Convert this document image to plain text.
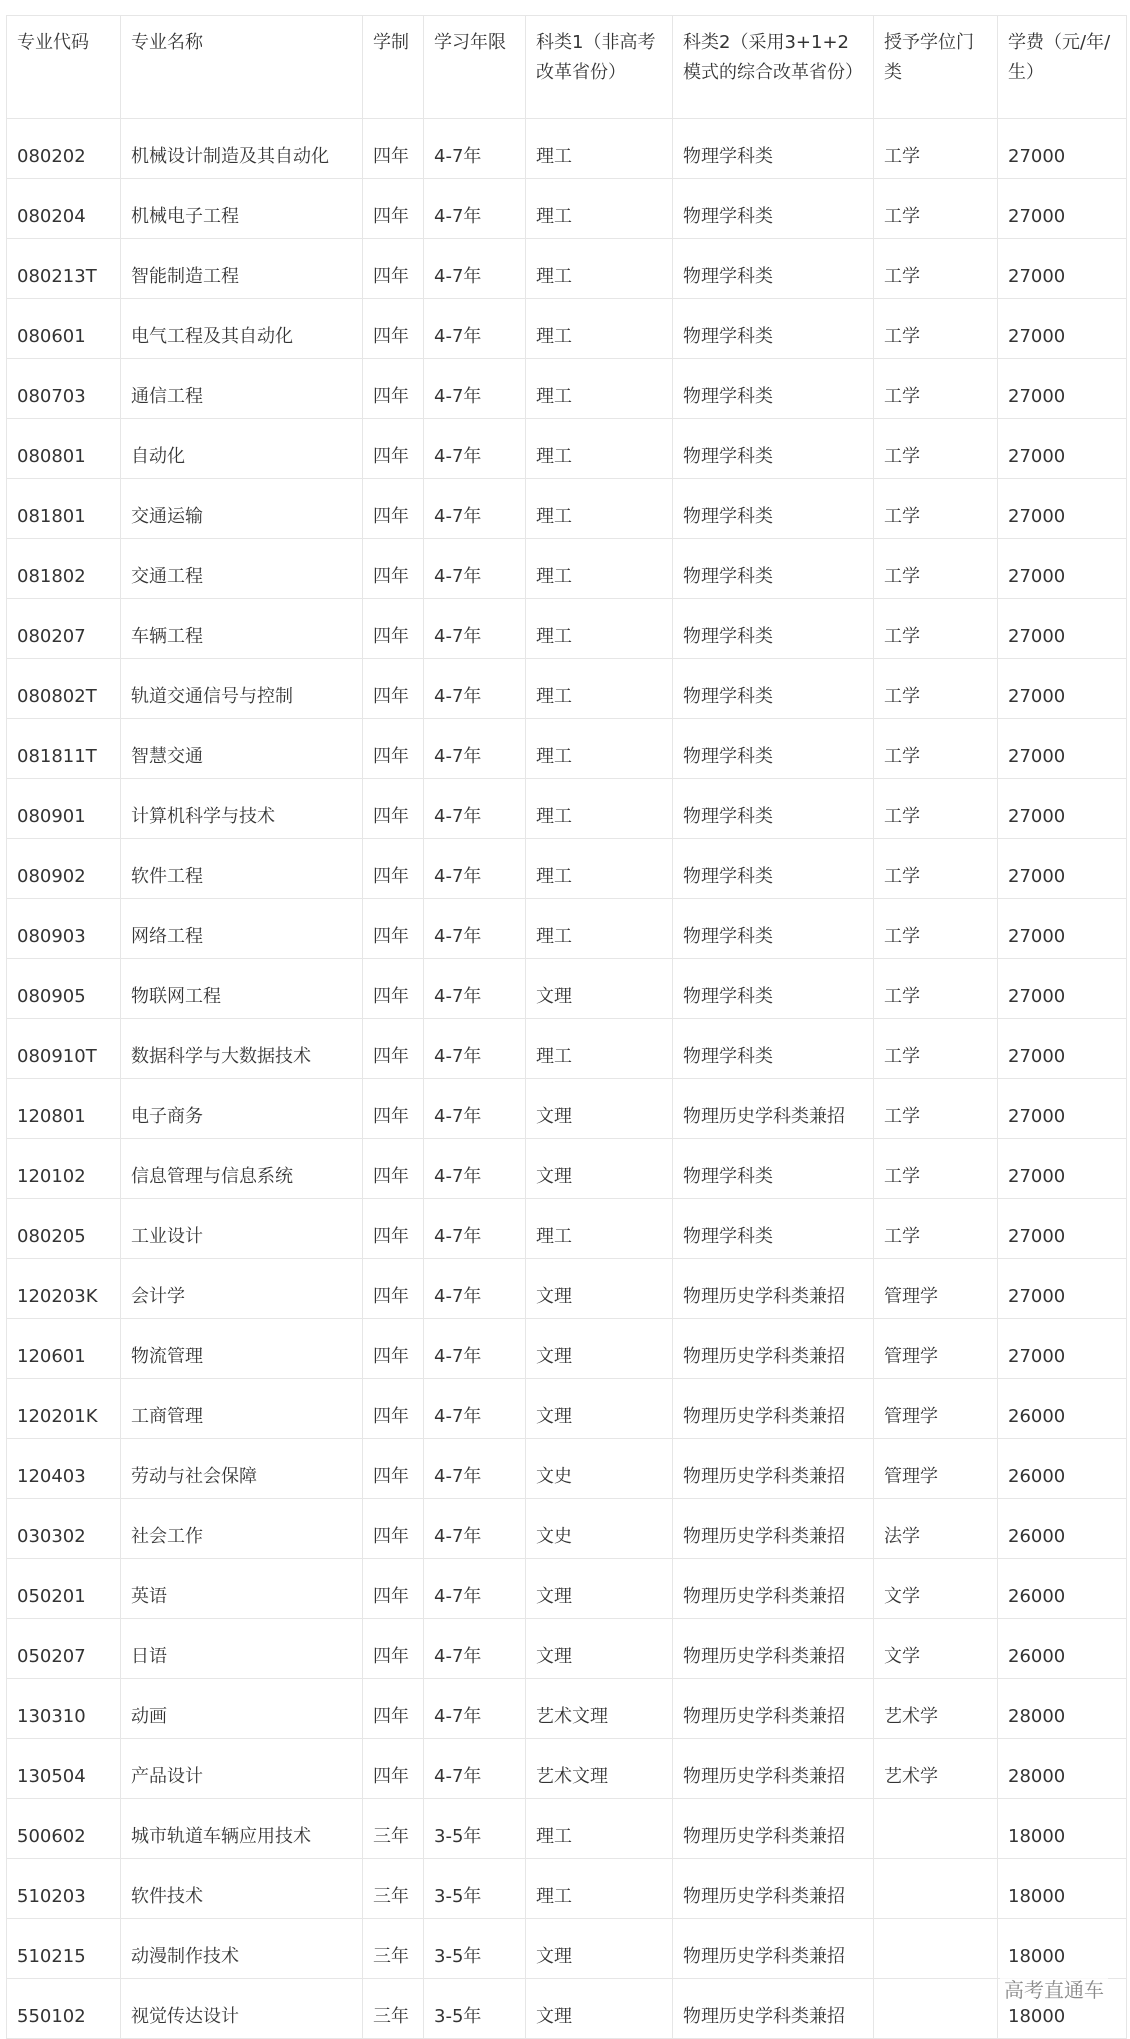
专业代码	专业名称	学制	学习年限	科类1（非高考改革省份）	科类2（采用3+1+2模式的综合改革省份）	授予学位门类	学费（元/年/生）
080202	机械设计制造及其自动化	四年	4-7年	理工	物理学科类	工学	27000
080204	机械电子工程	四年	4-7年	理工	物理学科类	工学	27000
080213T	智能制造工程	四年	4-7年	理工	物理学科类	工学	27000
080601	电气工程及其自动化	四年	4-7年	理工	物理学科类	工学	27000
080703	通信工程	四年	4-7年	理工	物理学科类	工学	27000
080801	自动化	四年	4-7年	理工	物理学科类	工学	27000
081801	交通运输	四年	4-7年	理工	物理学科类	工学	27000
081802	交通工程	四年	4-7年	理工	物理学科类	工学	27000
080207	车辆工程	四年	4-7年	理工	物理学科类	工学	27000
080802T	轨道交通信号与控制	四年	4-7年	理工	物理学科类	工学	27000
081811T	智慧交通	四年	4-7年	理工	物理学科类	工学	27000
080901	计算机科学与技术	四年	4-7年	理工	物理学科类	工学	27000
080902	软件工程	四年	4-7年	理工	物理学科类	工学	27000
080903	网络工程	四年	4-7年	理工	物理学科类	工学	27000
080905	物联网工程	四年	4-7年	文理	物理学科类	工学	27000
080910T	数据科学与大数据技术	四年	4-7年	理工	物理学科类	工学	27000
120801	电子商务	四年	4-7年	文理	物理历史学科类兼招	工学	27000
120102	信息管理与信息系统	四年	4-7年	文理	物理学科类	工学	27000
080205	工业设计	四年	4-7年	理工	物理学科类	工学	27000
120203K	会计学	四年	4-7年	文理	物理历史学科类兼招	管理学	27000
120601	物流管理	四年	4-7年	文理	物理历史学科类兼招	管理学	27000
120201K	工商管理	四年	4-7年	文理	物理历史学科类兼招	管理学	26000
120403	劳动与社会保障	四年	4-7年	文史	物理历史学科类兼招	管理学	26000
030302	社会工作	四年	4-7年	文史	物理历史学科类兼招	法学	26000
050201	英语	四年	4-7年	文理	物理历史学科类兼招	文学	26000
050207	日语	四年	4-7年	文理	物理历史学科类兼招	文学	26000
130310	动画	四年	4-7年	艺术文理	物理历史学科类兼招	艺术学	28000
130504	产品设计	四年	4-7年	艺术文理	物理历史学科类兼招	艺术学	28000
500602	城市轨道车辆应用技术	三年	3-5年	理工	物理历史学科类兼招		18000
510203	软件技术	三年	3-5年	理工	物理历史学科类兼招		18000
510215	动漫制作技术	三年	3-5年	文理	物理历史学科类兼招		18000
550102	视觉传达设计	三年	3-5年	文理	物理历史学科类兼招		18000
高考直通车
